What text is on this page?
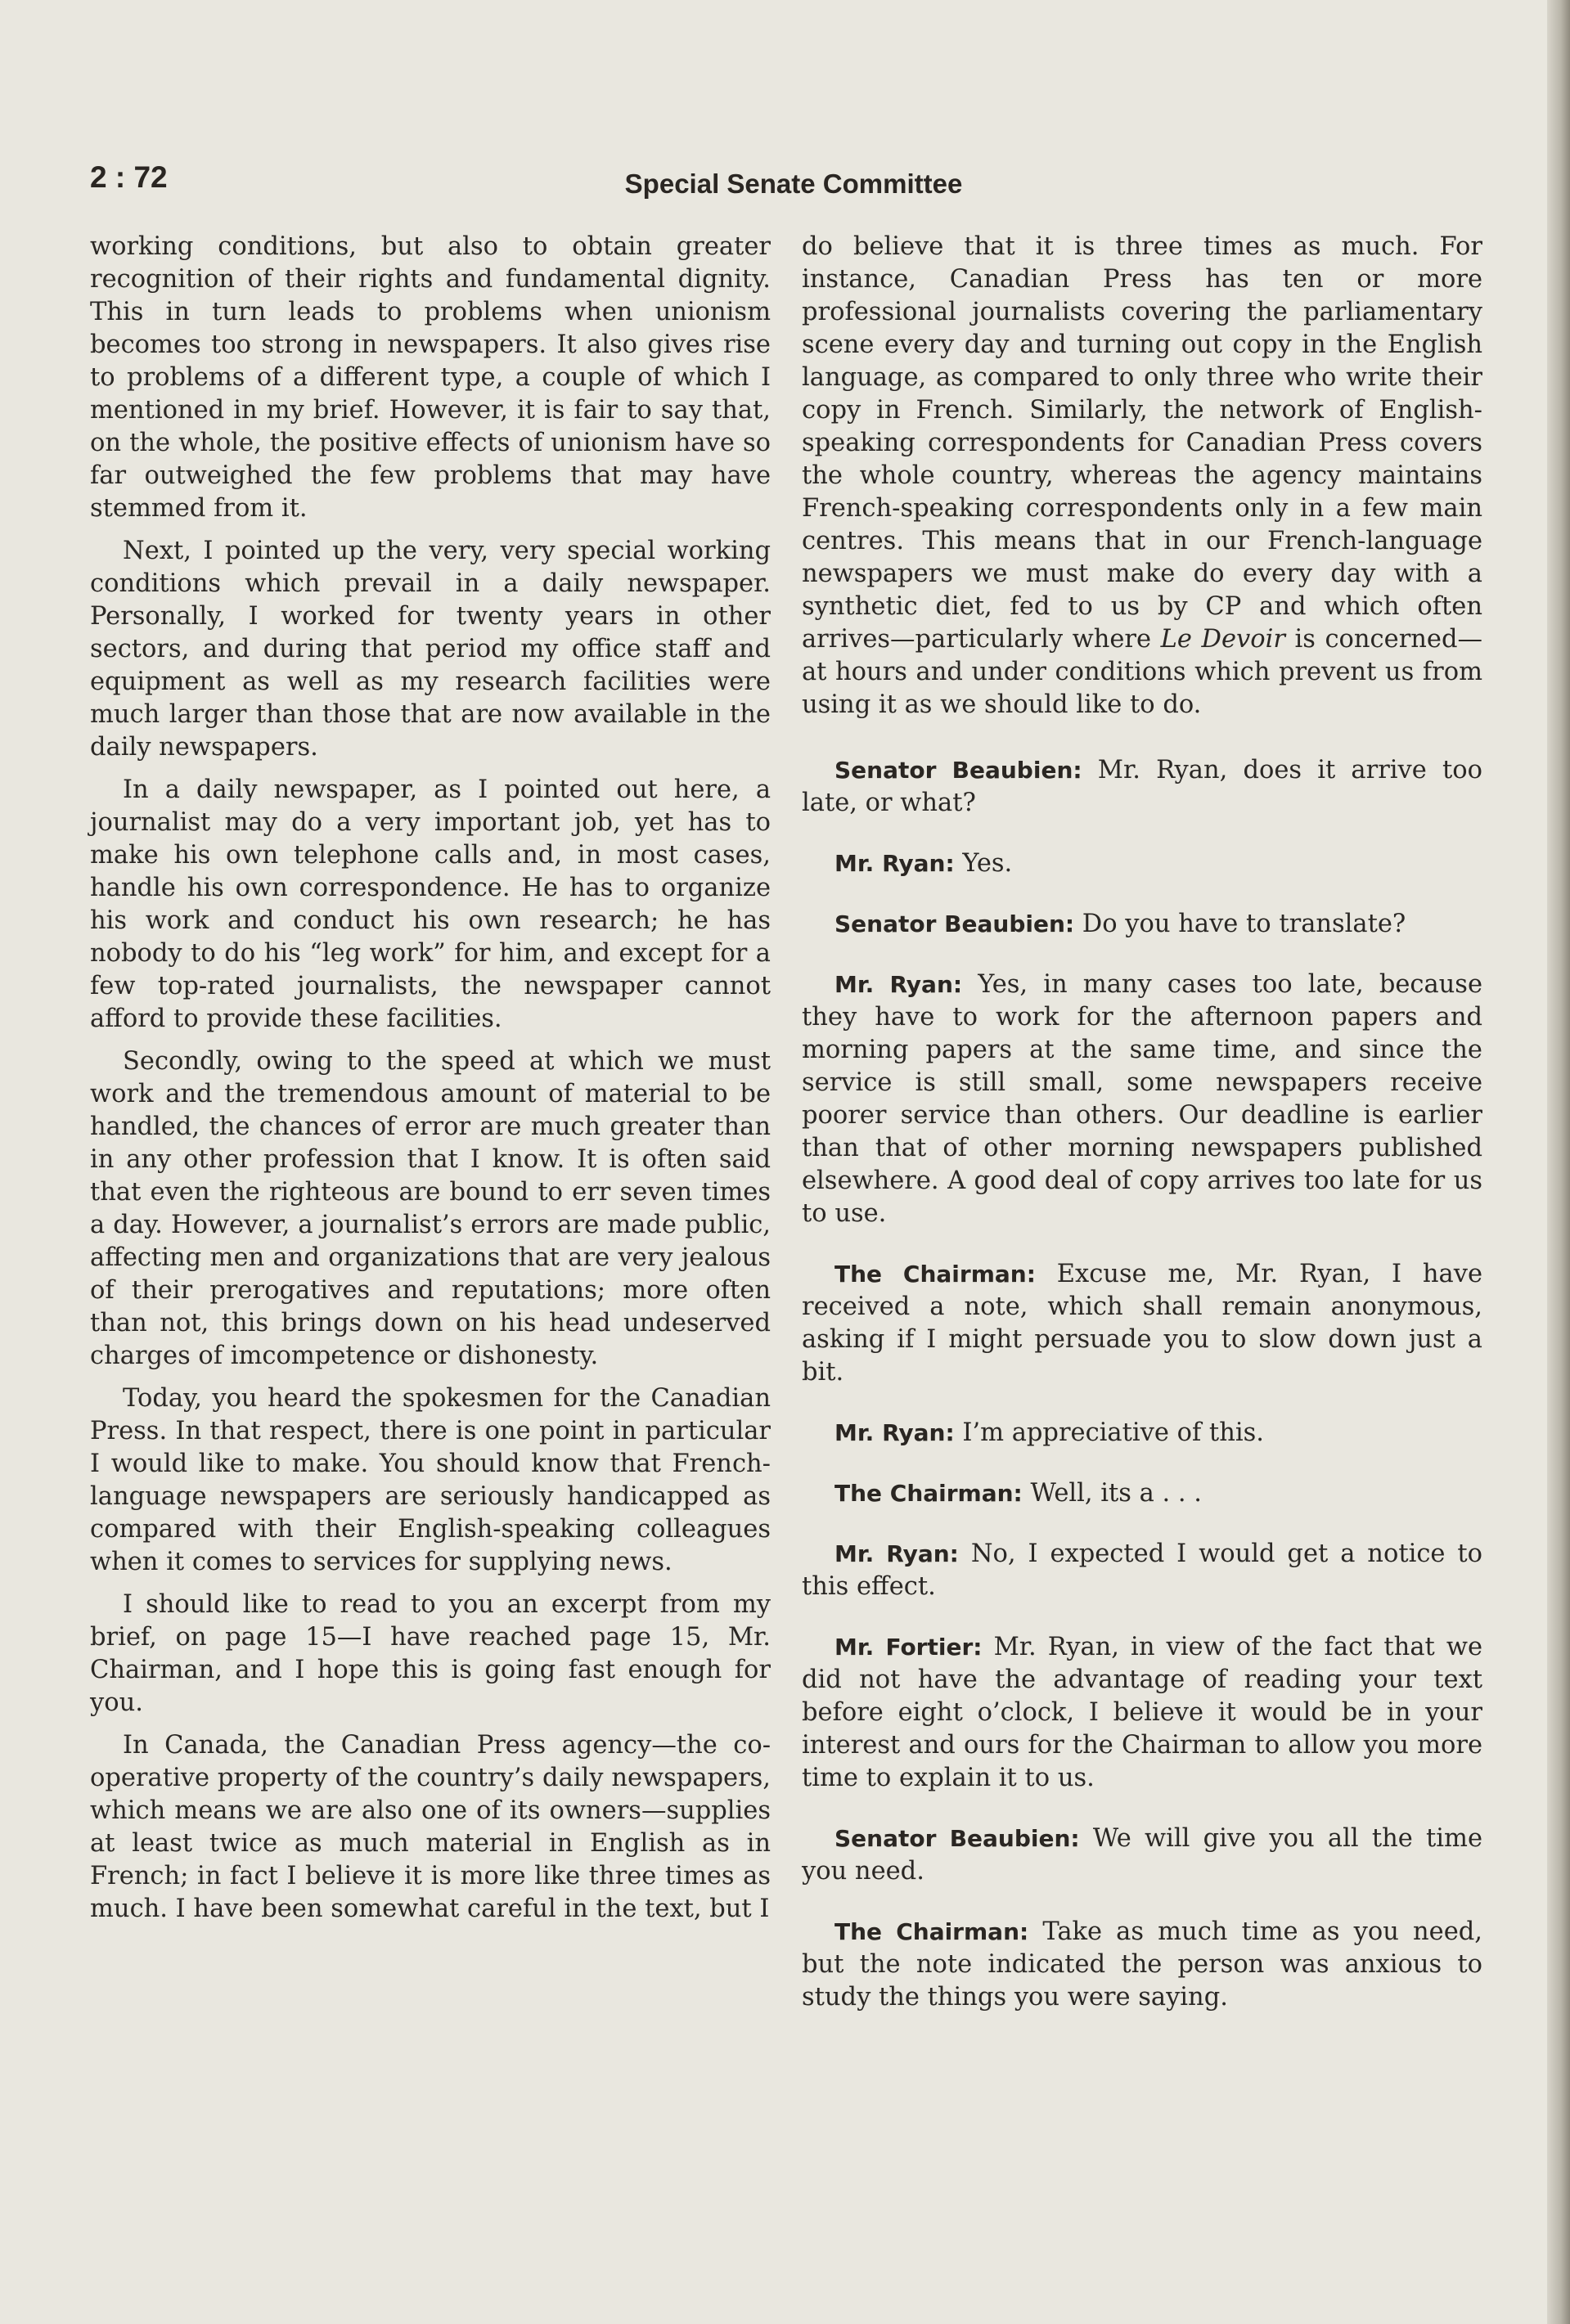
2 : 72	Special Senate Committee

working conditions, but also to obtain greater recognition of their rights and fundamental dignity. This in turn leads to problems when unionism becomes too strong in newspapers. It also gives rise to problems of a different type, a couple of which I mentioned in my brief. However, it is fair to say that, on the whole, the positive effects of unionism have so far outweighed the few problems that may have stemmed from it.

Next, I pointed up the very, very special working conditions which prevail in a daily newspaper. Personally, I worked for twenty years in other sectors, and during that period my office staff and equipment as well as my research facilities were much larger than those that are now available in the daily newspapers.

In a daily newspaper, as I pointed out here, a journalist may do a very important job, yet has to make his own telephone calls and, in most cases, handle his own correspondence. He has to organize his work and conduct his own research; he has nobody to do his “leg work” for him, and except for a few top-rated journalists, the newspaper cannot afford to provide these facilities.

Secondly, owing to the speed at which we must work and the tremendous amount of material to be handled, the chances of error are much greater than in any other profession that I know. It is often said that even the righteous are bound to err seven times a day. However, a journalist’s errors are made public, affecting men and organizations that are very jealous of their prerogatives and reputations; more often than not, this brings down on his head undeserved charges of imcompetence or dishonesty.

Today, you heard the spokesmen for the Canadian Press. In that respect, there is one point in particular I would like to make. You should know that French-language newspapers are seriously handicapped as compared with their English-speaking colleagues when it comes to services for supplying news.

I should like to read to you an excerpt from my brief, on page 15—I have reached page 15, Mr. Chairman, and I hope this is going fast enough for you.

In Canada, the Canadian Press agency—the co-operative property of the country’s daily newspapers, which means we are also one of its owners—supplies at least twice as much material in English as in French; in fact I believe it is more like three times as much. I have been somewhat careful in the text, but I

do believe that it is three times as much. For instance, Canadian Press has ten or more professional journalists covering the parliamentary scene every day and turning out copy in the English language, as compared to only three who write their copy in French. Similarly, the network of English-speaking correspondents for Canadian Press covers the whole country, whereas the agency maintains French-speaking correspondents only in a few main centres. This means that in our French-language newspapers we must make do every day with a synthetic diet, fed to us by CP and which often arrives—particularly where Le Devoir is concerned—at hours and under conditions which prevent us from using it as we should like to do.

Senator Beaubien: Mr. Ryan, does it arrive too late, or what?

Mr. Ryan: Yes.

Senator Beaubien: Do you have to translate?

Mr. Ryan: Yes, in many cases too late, because they have to work for the afternoon papers and morning papers at the same time, and since the service is still small, some newspapers receive poorer service than others. Our deadline is earlier than that of other morning newspapers published elsewhere. A good deal of copy arrives too late for us to use.

The Chairman: Excuse me, Mr. Ryan, I have received a note, which shall remain anonymous, asking if I might persuade you to slow down just a bit.

Mr. Ryan: I’m appreciative of this.

The Chairman: Well, its a . . .

Mr. Ryan: No, I expected I would get a notice to this effect.

Mr. Fortier: Mr. Ryan, in view of the fact that we did not have the advantage of reading your text before eight o’clock, I believe it would be in your interest and ours for the Chairman to allow you more time to explain it to us.

Senator Beaubien: We will give you all the time you need.

The Chairman: Take as much time as you need, but the note indicated the person was anxious to study the things you were saying.
